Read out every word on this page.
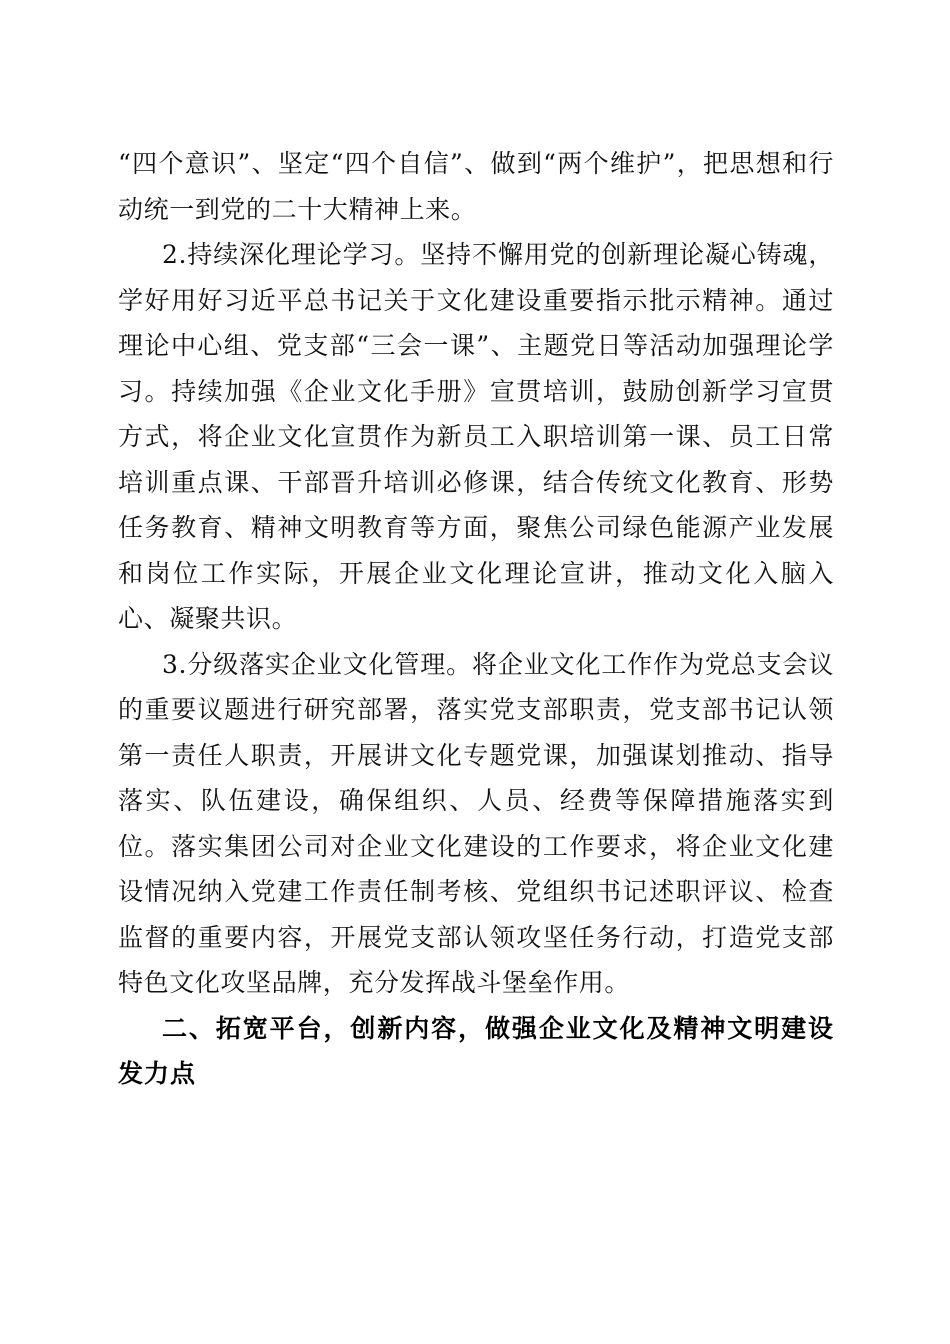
“四个意识”、坚定“四个自信”、做到“两个维护”，把思想和行动统一到党的二十大精神上来。

2.持续深化理论学习。坚持不懈用党的创新理论凝心铸魂，学好用好习近平总书记关于文化建设重要指示批示精神。通过理论中心组、党支部“三会一课”、主题党日等活动加强理论学习。持续加强《企业文化手册》宣贯培训，鼓励创新学习宣贯方式，将企业文化宣贯作为新员工入职培训第一课、员工日常培训重点课、干部晋升培训必修课，结合传统文化教育、形势任务教育、精神文明教育等方面，聚焦公司绿色能源产业发展和岗位工作实际，开展企业文化理论宣讲，推动文化入脑入心、凝聚共识。

3.分级落实企业文化管理。将企业文化工作作为党总支会议的重要议题进行研究部署，落实党支部职责，党支部书记认领第一责任人职责，开展讲文化专题党课，加强谋划推动、指导落实、队伍建设，确保组织、人员、经费等保障措施落实到位。落实集团公司对企业文化建设的工作要求，将企业文化建设情况纳入党建工作责任制考核、党组织书记述职评议、检查监督的重要内容，开展党支部认领攻坚任务行动，打造党支部特色文化攻坚品牌，充分发挥战斗堡垒作用。

二、拓宽平台，创新内容，做强企业文化及精神文明建设发力点
